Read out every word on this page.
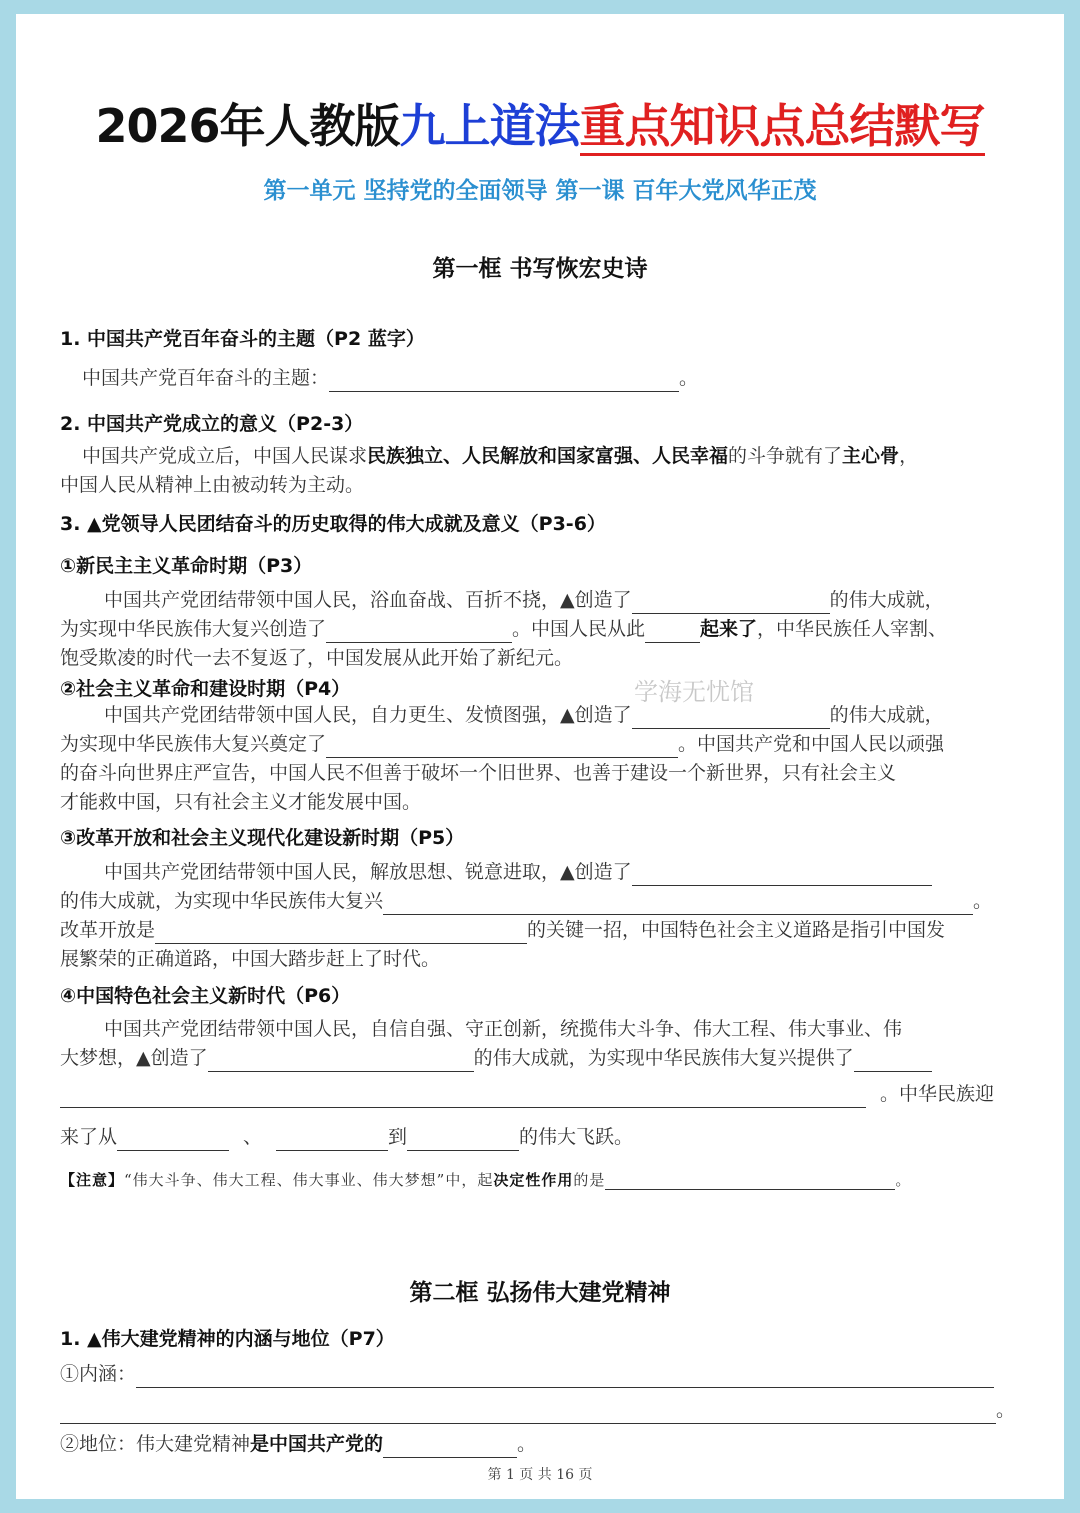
2026年人教版九上道法重点知识点总结默写
第一单元 坚持党的全面领导 第一课 百年大党风华正茂
第一框 书写恢宏史诗
1. 中国共产党百年奋斗的主题（P2 蓝字）
中国共产党百年奋斗的主题：	。
2. 中国共产党成立的意义（P2-3）
中国共产党成立后，中国人民谋求民族独立、人民解放和国家富强、人民幸福的斗争就有了主心骨，
中国人民从精神上由被动转为主动。
3. ▲党领导人民团结奋斗的历史取得的伟大成就及意义（P3-6）
①新民主主义革命时期（P3）
中国共产党团结带领中国人民，浴血奋战、百折不挠，▲创造了	的伟大成就，
为实现中华民族伟大复兴创造了	。中国人民从此	起来了，中华民族任人宰割、
饱受欺凌的时代一去不复返了，中国发展从此开始了新纪元。
②社会主义革命和建设时期（P4）
中国共产党团结带领中国人民，自力更生、发愤图强，▲创造了	的伟大成就，
为实现中华民族伟大复兴奠定了	。中国共产党和中国人民以顽强
的奋斗向世界庄严宣告，中国人民不但善于破坏一个旧世界、也善于建设一个新世界，只有社会主义
才能救中国，只有社会主义才能发展中国。
③改革开放和社会主义现代化建设新时期（P5）
中国共产党团结带领中国人民，解放思想、锐意进取，▲创造了
的伟大成就，为实现中华民族伟大复兴	。
改革开放是	的关键一招，中国特色社会主义道路是指引中国发
展繁荣的正确道路，中国大踏步赶上了时代。
④中国特色社会主义新时代（P6）
中国共产党团结带领中国人民，自信自强、守正创新，统揽伟大斗争、伟大工程、伟大事业、伟
大梦想，▲创造了	的伟大成就，为实现中华民族伟大复兴提供了
。中华民族迎
来了从	、	到	的伟大飞跃。
【注意】“伟大斗争、伟大工程、伟大事业、伟大梦想”中，起决定性作用的是	。
第二框 弘扬伟大建党精神
1. ▲伟大建党精神的内涵与地位（P7）
①内涵：
。
②地位：伟大建党精神是中国共产党的	。
学海无忧馆
第 1 页 共 16 页
